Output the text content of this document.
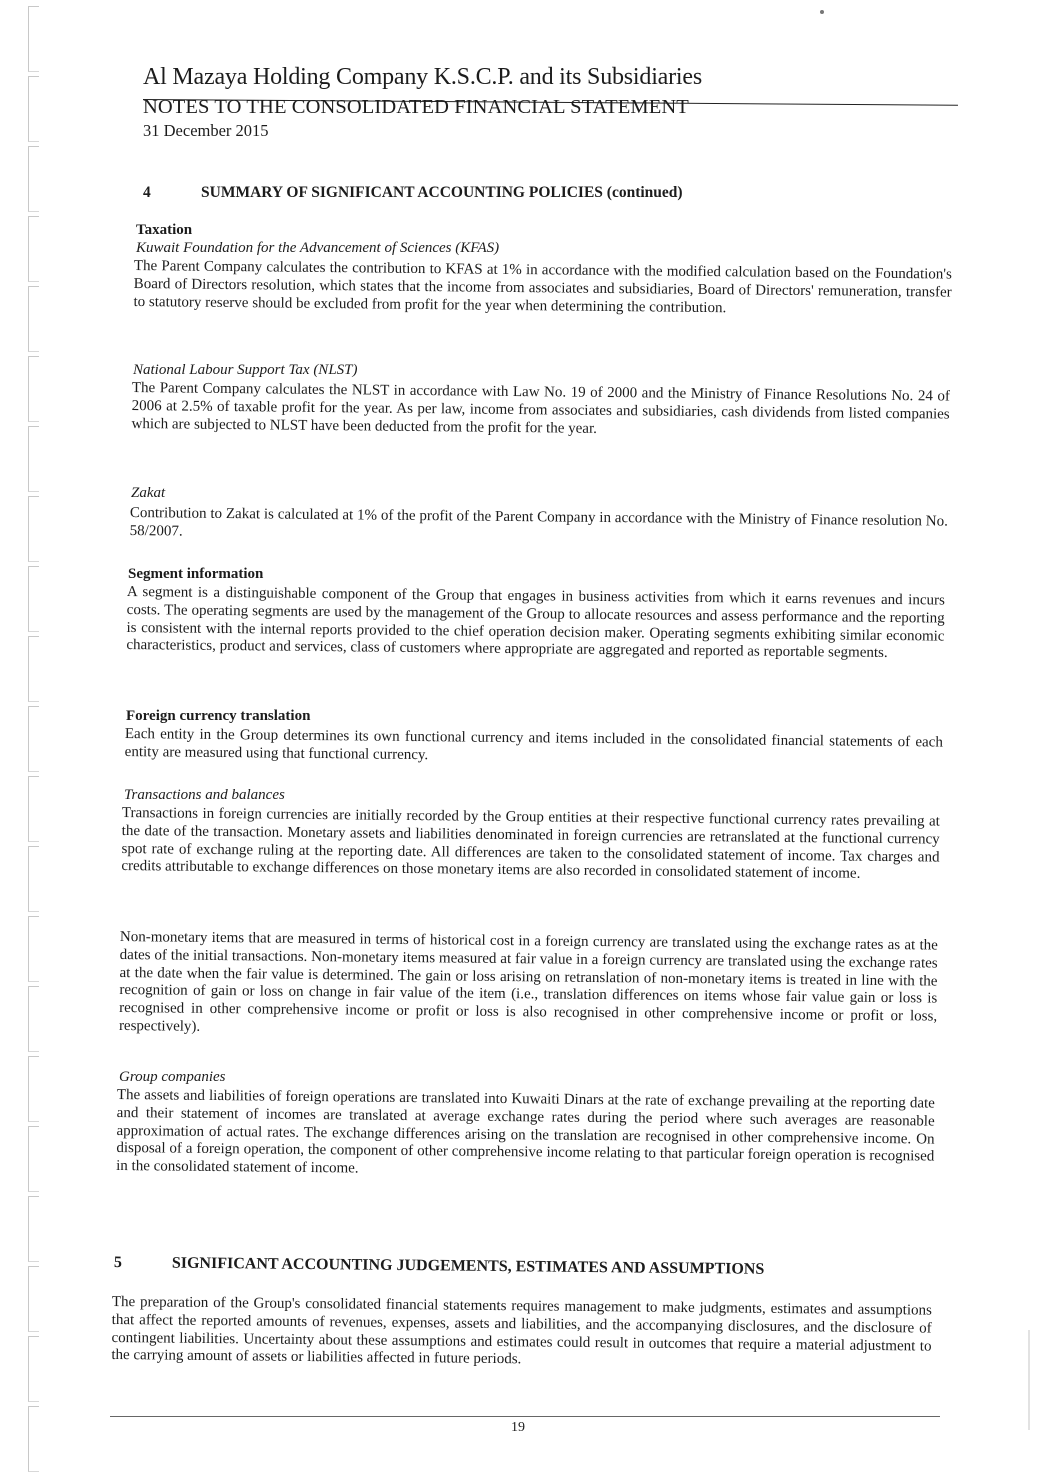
Al Mazaya Holding Company K.S.C.P. and its Subsidiaries
NOTES TO THE CONSOLIDATED FINANCIAL STATEMENT
31 December 2015
4	SUMMARY OF SIGNIFICANT ACCOUNTING POLICIES (continued)
Taxation
Kuwait Foundation for the Advancement of Sciences (KFAS)
The Parent Company calculates the contribution to KFAS at 1% in accordance with the modified calculation based on the Foundation's Board of Directors resolution, which states that the income from associates and subsidiaries, Board of Directors' remuneration, transfer to statutory reserve should be excluded from profit for the year when determining the contribution.
National Labour Support Tax (NLST)
The Parent Company calculates the NLST in accordance with Law No. 19 of 2000 and the Ministry of Finance Resolutions No. 24 of 2006 at 2.5% of taxable profit for the year. As per law, income from associates and subsidiaries, cash dividends from listed companies which are subjected to NLST have been deducted from the profit for the year.
Zakat
Contribution to Zakat is calculated at 1% of the profit of the Parent Company in accordance with the Ministry of Finance resolution No. 58/2007.
Segment information
A segment is a distinguishable component of the Group that engages in business activities from which it earns revenues and incurs costs. The operating segments are used by the management of the Group to allocate resources and assess performance and the reporting is consistent with the internal reports provided to the chief operation decision maker. Operating segments exhibiting similar economic characteristics, product and services, class of customers where appropriate are aggregated and reported as reportable segments.
Foreign currency translation
Each entity in the Group determines its own functional currency and items included in the consolidated financial statements of each entity are measured using that functional currency.
Transactions and balances
Transactions in foreign currencies are initially recorded by the Group entities at their respective functional currency rates prevailing at the date of the transaction. Monetary assets and liabilities denominated in foreign currencies are retranslated at the functional currency spot rate of exchange ruling at the reporting date. All differences are taken to the consolidated statement of income. Tax charges and credits attributable to exchange differences on those monetary items are also recorded in consolidated statement of income.
Non-monetary items that are measured in terms of historical cost in a foreign currency are translated using the exchange rates as at the dates of the initial transactions. Non-monetary items measured at fair value in a foreign currency are translated using the exchange rates at the date when the fair value is determined. The gain or loss arising on retranslation of non-monetary items is treated in line with the recognition of gain or loss on change in fair value of the item (i.e., translation differences on items whose fair value gain or loss is recognised in other comprehensive income or profit or loss is also recognised in other comprehensive income or profit or loss, respectively).
Group companies
The assets and liabilities of foreign operations are translated into Kuwaiti Dinars at the rate of exchange prevailing at the reporting date and their statement of incomes are translated at average exchange rates during the period where such averages are reasonable approximation of actual rates. The exchange differences arising on the translation are recognised in other comprehensive income. On disposal of a foreign operation, the component of other comprehensive income relating to that particular foreign operation is recognised in the consolidated statement of income.
5	SIGNIFICANT ACCOUNTING JUDGEMENTS, ESTIMATES AND ASSUMPTIONS
The preparation of the Group's consolidated financial statements requires management to make judgments, estimates and assumptions that affect the reported amounts of revenues, expenses, assets and liabilities, and the accompanying disclosures, and the disclosure of contingent liabilities. Uncertainty about these assumptions and estimates could result in outcomes that require a material adjustment to the carrying amount of assets or liabilities affected in future periods.
19
